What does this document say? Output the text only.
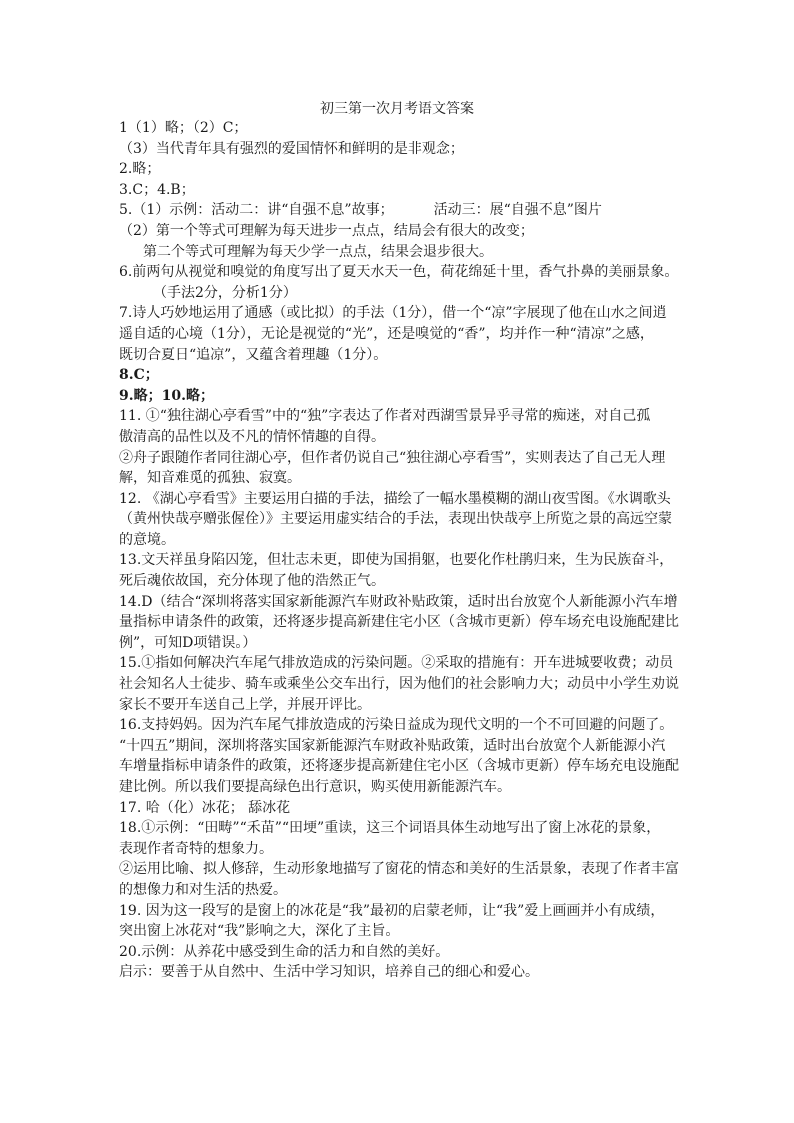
初三第一次月考语文答案
1（1）略；（2）C；
（3）当代青年具有强烈的爱国情怀和鲜明的是非观念；
2.略；
3.C；4.B；
5.（1）示例：活动二：讲“自强不息”故事；	活动三：展“自强不息”图片
（2）第一个等式可理解为每天进步一点点，结局会有很大的改变；
第二个等式可理解为每天少学一点点，结果会退步很大。
6.前两句从视觉和嗅觉的角度写出了夏天水天一色，荷花绵延十里，香气扑鼻的美丽景象。
（手法2分，分析1分）
7.诗人巧妙地运用了通感（或比拟）的手法（1分），借一个“凉”字展现了他在山水之间逍
遥自适的心境（1分），无论是视觉的“光”，还是嗅觉的“香”，均并作一种“清凉”之感，
既切合夏日“追凉”，又蕴含着理趣（1分）。
8.C；
9.略；10.略；
11. ①“独往湖心亭看雪”中的“独”字表达了作者对西湖雪景异乎寻常的痴迷，对自己孤
傲清高的品性以及不凡的情怀情趣的自得。
②舟子跟随作者同往湖心亭，但作者仍说自己“独往湖心亭看雪”，实则表达了自己无人理
解，知音难觅的孤独、寂寞。
12. 《湖心亭看雪》主要运用白描的手法，描绘了一幅水墨模糊的湖山夜雪图。《水调歌头
（黄州快哉亭赠张偓佺）》主要运用虚实结合的手法，表现出快哉亭上所览之景的高远空蒙
的意境。
13.文天祥虽身陷囚笼，但壮志未更，即使为国捐躯，也要化作杜鹃归来，生为民族奋斗，
死后魂依故国，充分体现了他的浩然正气。
14.D（结合“深圳将落实国家新能源汽车财政补贴政策，适时出台放宽个人新能源小汽车增
量指标申请条件的政策，还将逐步提高新建住宅小区（含城市更新）停车场充电设施配建比
例”，可知D项错误。）
15.①指如何解决汽车尾气排放造成的污染问题。②采取的措施有：开车进城要收费；动员
社会知名人士徒步、骑车或乘坐公交车出行，因为他们的社会影响力大；动员中小学生劝说
家长不要开车送自己上学，并展开评比。
16.支持妈妈。因为汽车尾气排放造成的污染日益成为现代文明的一个不可回避的问题了。
“十四五”期间，深圳将落实国家新能源汽车财政补贴政策，适时出台放宽个人新能源小汽
车增量指标申请条件的政策，还将逐步提高新建住宅小区（含城市更新）停车场充电设施配
建比例。所以我们要提高绿色出行意识，购买使用新能源汽车。
17. 哈（化）冰花； 舔冰花
18.①示例：“田畴”“禾苗”“田埂”重读，这三个词语具体生动地写出了窗上冰花的景象，
表现作者奇特的想象力。
②运用比喻、拟人修辞，生动形象地描写了窗花的情态和美好的生活景象，表现了作者丰富
的想像力和对生活的热爱。
19. 因为这一段写的是窗上的冰花是“我”最初的启蒙老师，让“我”爱上画画并小有成绩，
突出窗上冰花对“我”影响之大，深化了主旨。
20.示例：从养花中感受到生命的活力和自然的美好。
启示：要善于从自然中、生活中学习知识，培养自己的细心和爱心。
